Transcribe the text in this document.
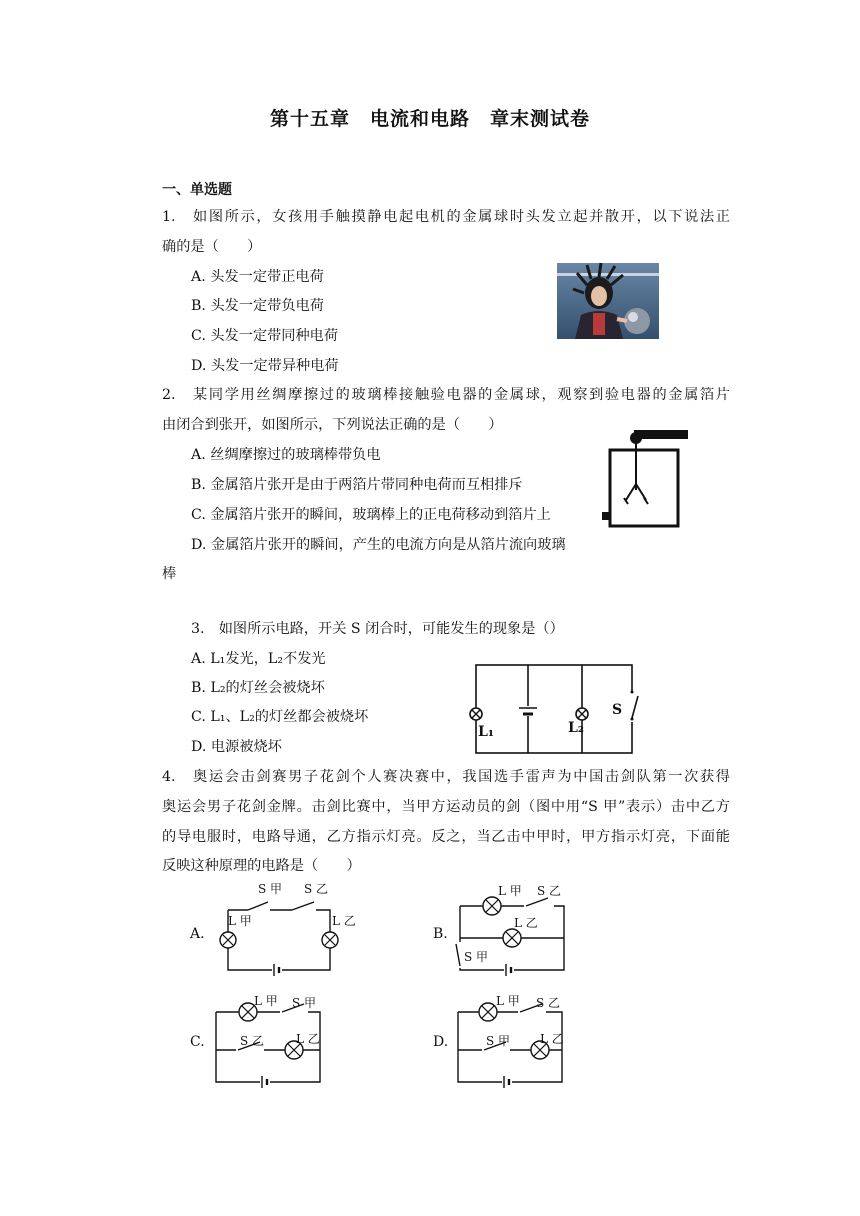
第十五章　电流和电路　章末测试卷
一、单选题
1.　如图所示，女孩用手触摸静电起电机的金属球时头发立起并散开，以下说法正
确的是（　　）
A. 头发一定带正电荷
B. 头发一定带负电荷
C. 头发一定带同种电荷
D. 头发一定带异种电荷
2.　某同学用丝绸摩擦过的玻璃棒接触验电器的金属球，观察到验电器的金属箔片
由闭合到张开，如图所示，下列说法正确的是（　　）
A. 丝绸摩擦过的玻璃棒带负电
B. 金属箔片张开是由于两箔片带同种电荷而互相排斥
C. 金属箔片张开的瞬间，玻璃棒上的正电荷移动到箔片上
D. 金属箔片张开的瞬间，产生的电流方向是从箔片流向玻璃
棒
3.　如图所示电路，开关 S 闭合时，可能发生的现象是（）
A. L₁发光，L₂不发光
B. L₂的灯丝会被烧坏
C. L₁、L₂的灯丝都会被烧坏
D. 电源被烧坏
L₁	L₂
S
4.　奥运会击剑赛男子花剑个人赛决赛中，我国选手雷声为中国击剑队第一次获得
奥运会男子花剑金牌。击剑比赛中，当甲方运动员的剑（图中用“S 甲”表示）击中乙方
的导电服时，电路导通，乙方指示灯亮。反之，当乙击中甲时，甲方指示灯亮，下面能
反映这种原理的电路是（　　）
A.	B.
C.	D.
S 甲 S 乙
L 甲	L 乙
L 甲 S 乙
L 乙
S 甲
L 甲 S 甲
S 乙	L 乙
L 甲 S 乙
S 甲 L 乙
